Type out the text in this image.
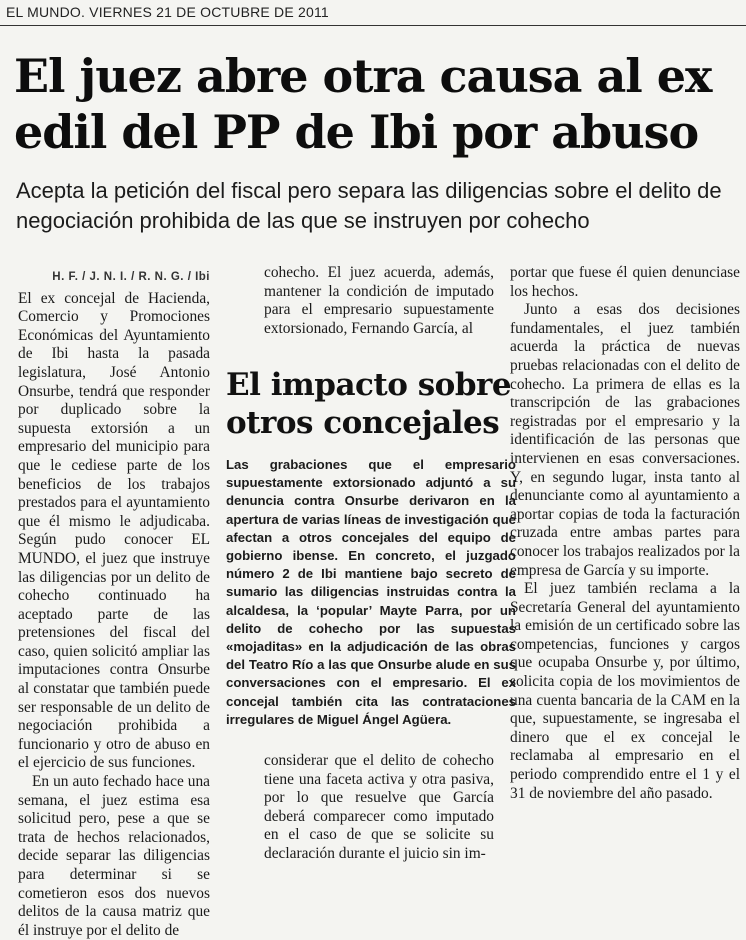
EL MUNDO. VIERNES 21 DE OCTUBRE DE 2011
El juez abre otra causa al ex edil del PP de Ibi por abuso

Acepta la petición del fiscal pero separa las diligencias sobre el delito de negociación prohibida de las que se instruyen por cohecho

H. F. / J. N. I. / R. N. G. / Ibi

El ex concejal de Hacienda, Comercio y Promociones Económicas del Ayuntamiento de Ibi hasta la pasada legislatura, José Antonio Onsurbe, tendrá que responder por duplicado sobre la supuesta extorsión a un empresario del municipio para que le cediese parte de los beneficios de los trabajos prestados para el ayuntamiento que él mismo le adjudicaba. Según pudo conocer EL MUNDO, el juez que instruye las diligencias por un delito de cohecho continuado ha aceptado parte de las pretensiones del fiscal del caso, quien solicitó ampliar las imputaciones contra Onsurbe al constatar que también puede ser responsable de un delito de negociación prohibida a funcionario y otro de abuso en el ejercicio de sus funciones.

En un auto fechado hace una semana, el juez estima esa solicitud pero, pese a que se trata de hechos relacionados, decide separar las diligencias para determinar si se cometieron esos dos nuevos delitos de la causa matriz que él instruye por el delito de

cohecho. El juez acuerda, además, mantener la condición de imputado para el empresario supuestamente extorsionado, Fernando García, al

El impacto sobre otros concejales

Las grabaciones que el empresario supuestamente extorsionado adjuntó a su denuncia contra Onsurbe derivaron en la apertura de varias líneas de investigación que afectan a otros concejales del equipo de gobierno ibense. En concreto, el juzgado número 2 de Ibi mantiene bajo secreto de sumario las diligencias instruidas contra la alcaldesa, la ‘popular’ Mayte Parra, por un delito de cohecho por las supuestas «mojaditas» en la adjudicación de las obras del Teatro Río a las que Onsurbe alude en sus conversaciones con el empresario. El ex concejal también cita las contrataciones irregulares de Miguel Ángel Agüera.

considerar que el delito de cohecho tiene una faceta activa y otra pasiva, por lo que resuelve que García deberá comparecer como imputado en el caso de que se solicite su declaración durante el juicio sin im-

portar que fuese él quien denunciase los hechos.

Junto a esas dos decisiones fundamentales, el juez también acuerda la práctica de nuevas pruebas relacionadas con el delito de cohecho. La primera de ellas es la transcripción de las grabaciones registradas por el empresario y la identificación de las personas que intervienen en esas conversaciones. Y, en segundo lugar, insta tanto al denunciante como al ayuntamiento a aportar copias de toda la facturación cruzada entre ambas partes para conocer los trabajos realizados por la empresa de García y su importe.

El juez también reclama a la Secretaría General del ayuntamiento la emisión de un certificado sobre las competencias, funciones y cargos que ocupaba Onsurbe y, por último, solicita copia de los movimientos de una cuenta bancaria de la CAM en la que, supuestamente, se ingresaba el dinero que el ex concejal le reclamaba al empresario en el periodo comprendido entre el 1 y el 31 de noviembre del año pasado.
